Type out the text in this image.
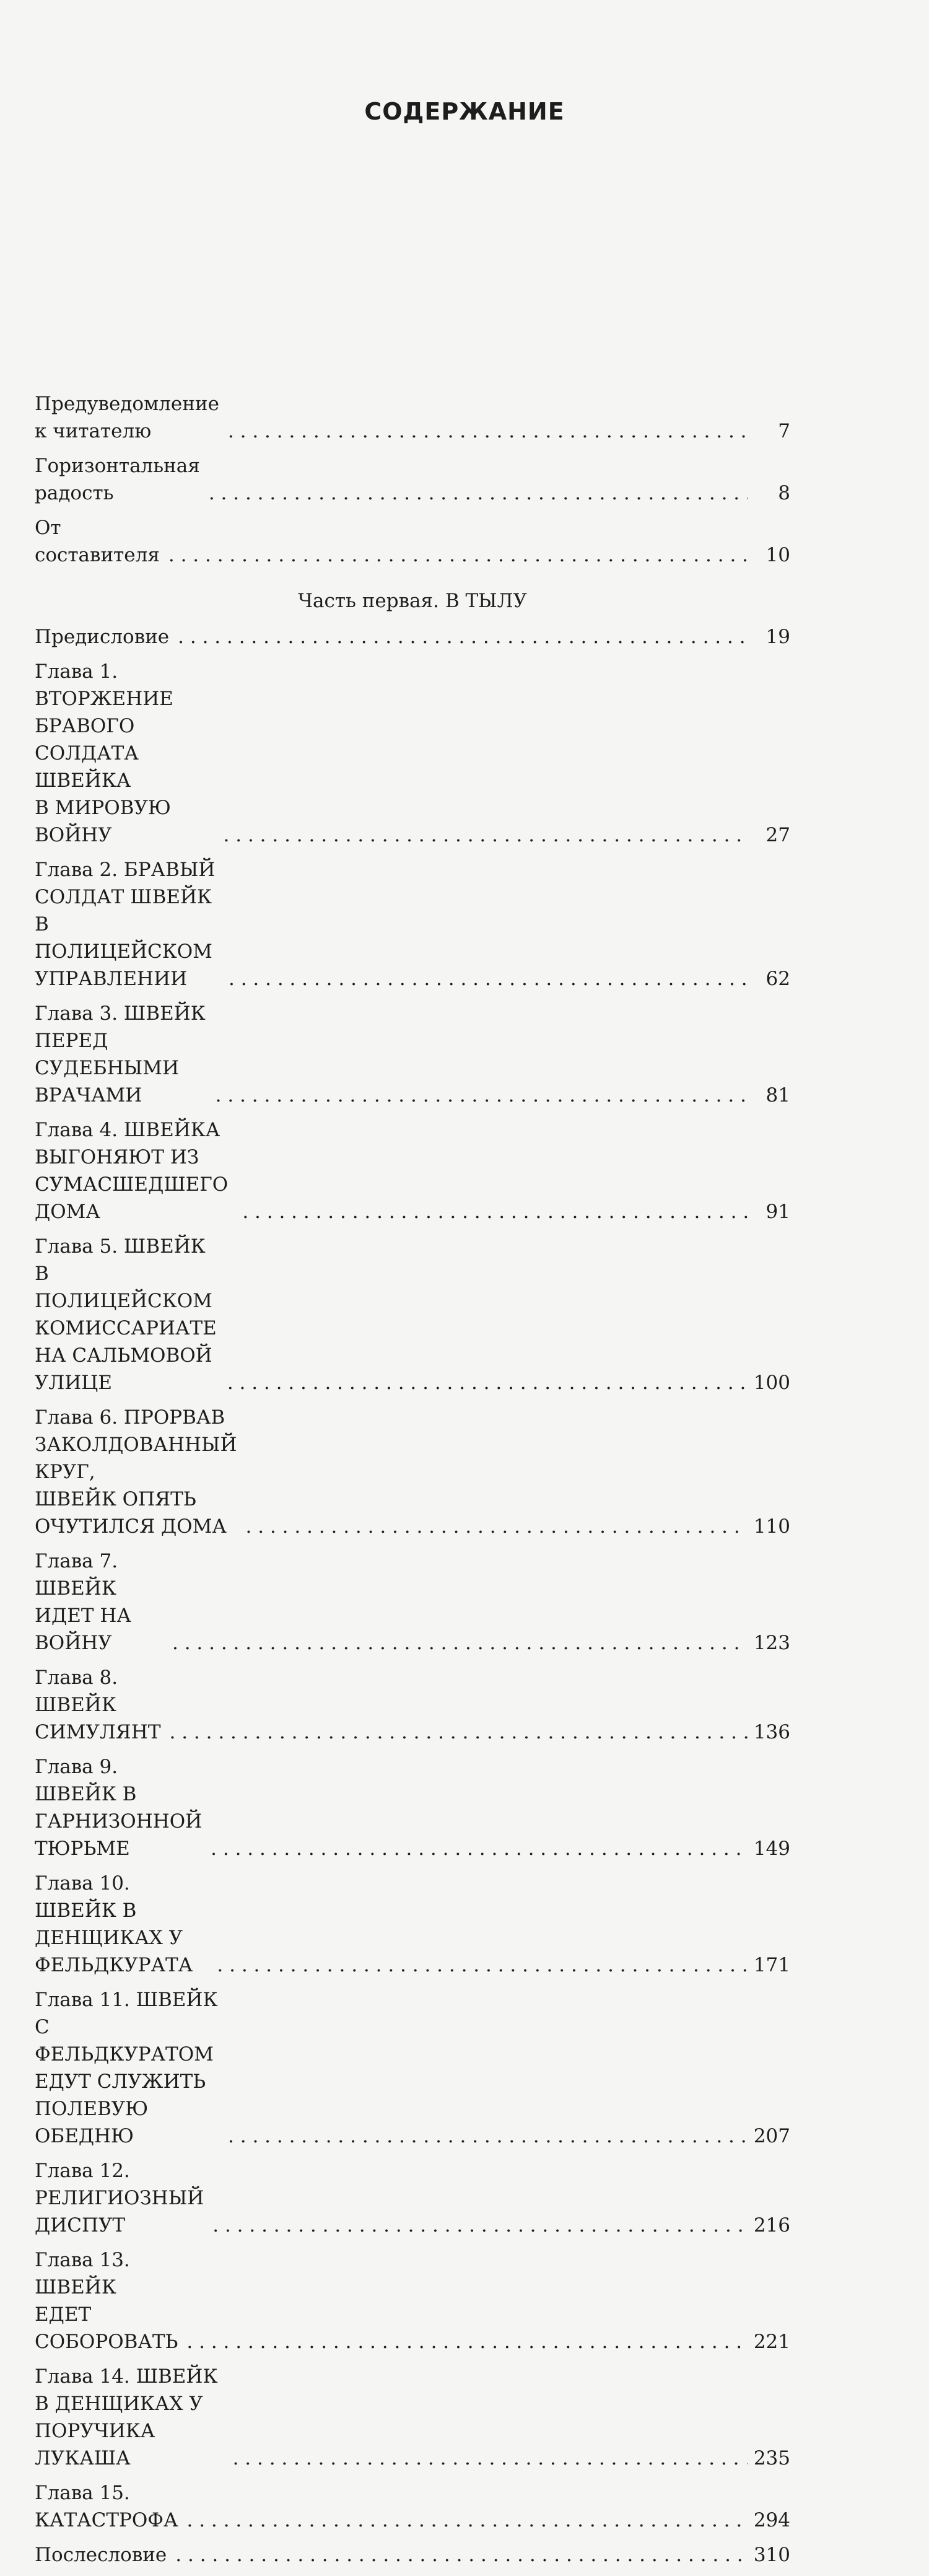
СОДЕРЖАНИЕ
Предуведомление к читателю . . .	7
Горизонтальная радость . . .	8
От составителя . . .	10
Часть первая. В ТЫЛУ
Предисловие . . .	19
Глава 1. ВТОРЖЕНИЕ БРАВОГО СОЛДАТА ШВЕЙКА
В МИРОВУЮ ВОЙНУ . . .	27
Глава 2. БРАВЫЙ СОЛДАТ ШВЕЙК В ПОЛИЦЕЙСКОМ
УПРАВЛЕНИИ . . .	62
Глава 3. ШВЕЙК ПЕРЕД СУДЕБНЫМИ ВРАЧАМИ . . .	81
Глава 4. ШВЕЙКА ВЫГОНЯЮТ ИЗ СУМАСШЕДШЕГО ДОМА . . .	91
Глава 5. ШВЕЙК В ПОЛИЦЕЙСКОМ КОМИССАРИАТЕ
НА САЛЬМОВОЙ УЛИЦЕ . . .	100
Глава 6. ПРОРВАВ ЗАКОЛДОВАННЫЙ КРУГ,
ШВЕЙК ОПЯТЬ ОЧУТИЛСЯ ДОМА . . .	110
Глава 7. ШВЕЙК ИДЕТ НА ВОЙНУ . . .	123
Глава 8. ШВЕЙК СИМУЛЯНТ . . .	136
Глава 9. ШВЕЙК В ГАРНИЗОННОЙ ТЮРЬМЕ . . .	149
Глава 10. ШВЕЙК В ДЕНЩИКАХ У ФЕЛЬДКУРАТА . . .	171
Глава 11. ШВЕЙК С ФЕЛЬДКУРАТОМ ЕДУТ СЛУЖИТЬ
ПОЛЕВУЮ ОБЕДНЮ . . .	207
Глава 12. РЕЛИГИОЗНЫЙ ДИСПУТ . . .	216
Глава 13. ШВЕЙК ЕДЕТ СОБОРОВАТЬ . . .	221
Глава 14. ШВЕЙК В ДЕНЩИКАХ У ПОРУЧИКА ЛУКАША . . .	235
Глава 15. КАТАСТРОФА . . .	294
Послесловие . . .	310
